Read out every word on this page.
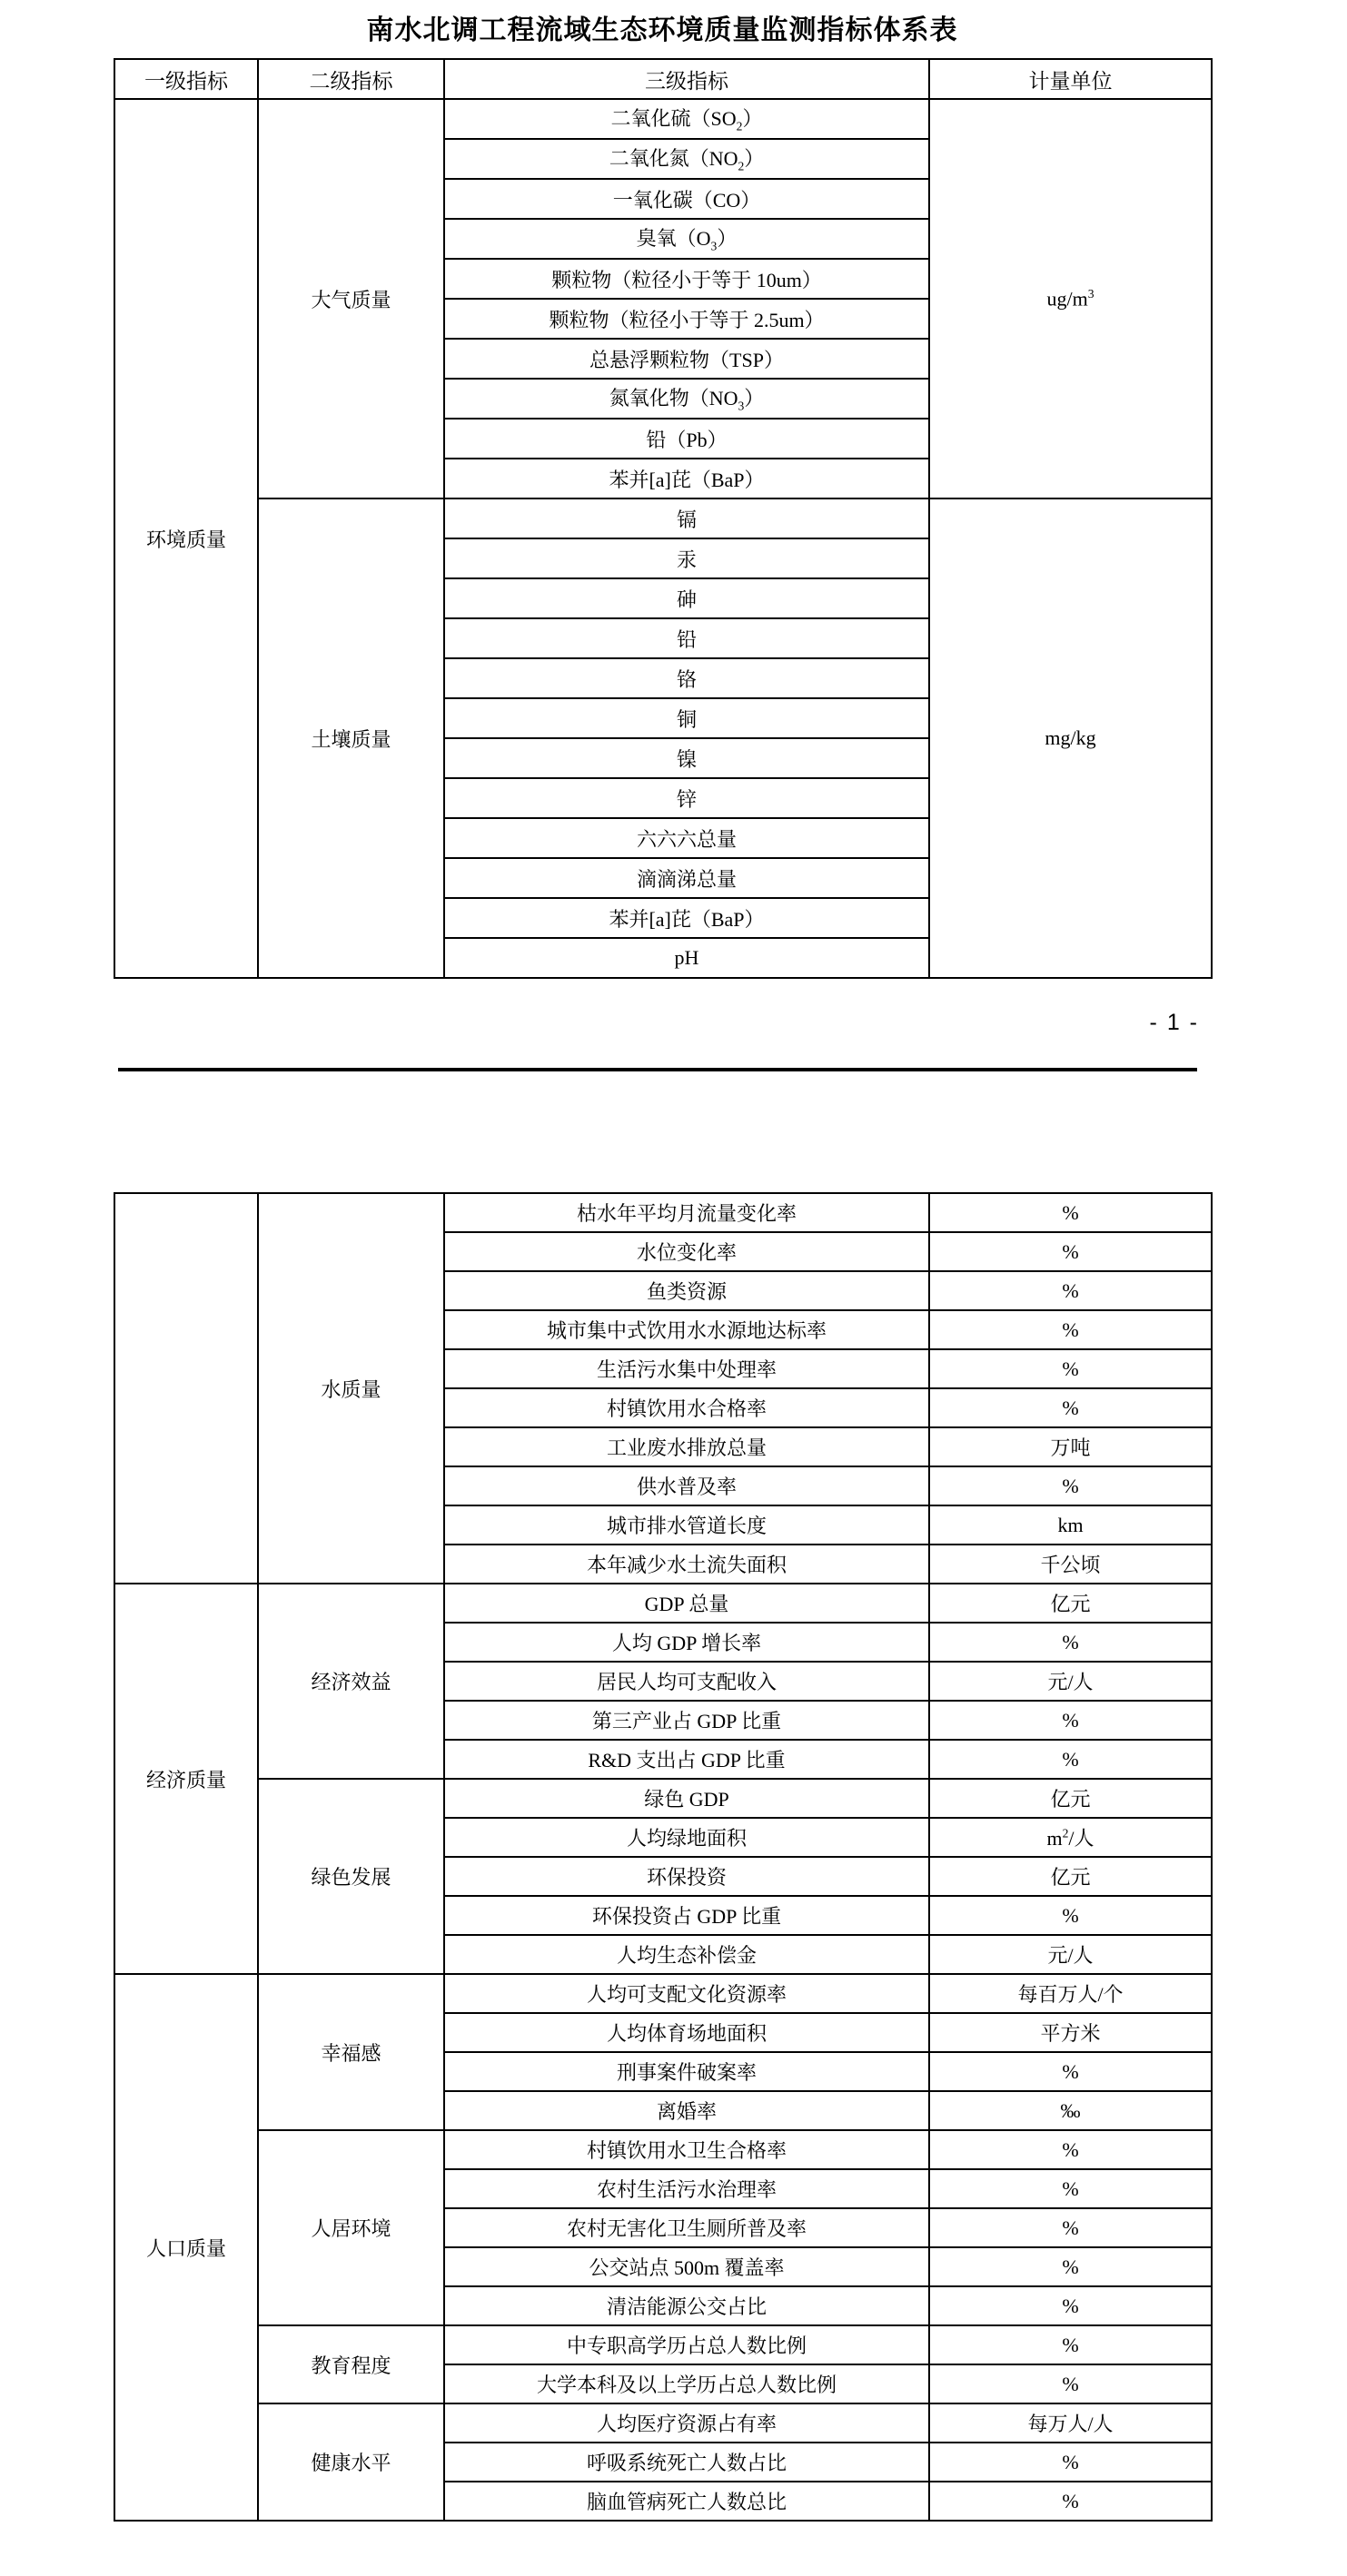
南水北调工程流域生态环境质量监测指标体系表
一级指标	二级指标	三级指标	计量单位
环境质量	大气质量	二氧化硫$(SO_2)$	$ug/m^3$
		二氧化氮$(NO_2)$	
		一氧化碳（CO）	
		臭氧$(O_3)$	
		颗粒物（粒径小于等于 10um）	
		颗粒物（粒径小于等于 2.5um）	
		总悬浮颗粒物（TSP）	
		氮氧化物$(NO_3)$	
		铅（Pb）	
		苯并[a]芘（BaP）	
	土壤质量	镉	mg/kg
		汞	
		砷	
		铅	
		铬	
		铜	
		镍	
		锌	
		六六六总量	
		滴滴涕总量	
		苯并[a]芘（BaP）	
		pH	
- 1 -
	水质量	枯水年平均月流量变化率	%
		水位变化率	%
		鱼类资源	%
		城市集中式饮用水水源地达标率	%
		生活污水集中处理率	%
		村镇饮用水合格率	%
		工业废水排放总量	万吨
		供水普及率	%
		城市排水管道长度	km
		本年减少水土流失面积	千公顷
经济质量	经济效益	GDP 总量	亿元
		人均 GDP 增长率	%
		居民人均可支配收入	元/人
		第三产业占 GDP 比重	%
		R&D 支出占 GDP 比重	%
	绿色发展	绿色 GDP	亿元
		人均绿地面积	$m^2/$人
		环保投资	亿元
		环保投资占 GDP 比重	%
		人均生态补偿金	元/人
人口质量	幸福感	人均可支配文化资源率	每百万人/个
		人均体育场地面积	平方米
		刑事案件破案率	%
		离婚率	‰
	人居环境	村镇饮用水卫生合格率	%
		农村生活污水治理率	%
		农村无害化卫生厕所普及率	%
		公交站点 500m 覆盖率	%
		清洁能源公交占比	%
	教育程度	中专职高学历占总人数比例	%
		大学本科及以上学历占总人数比例	%
	健康水平	人均医疗资源占有率	每万人/人
		呼吸系统死亡人数占比	%
		脑血管病死亡人数总比	%
